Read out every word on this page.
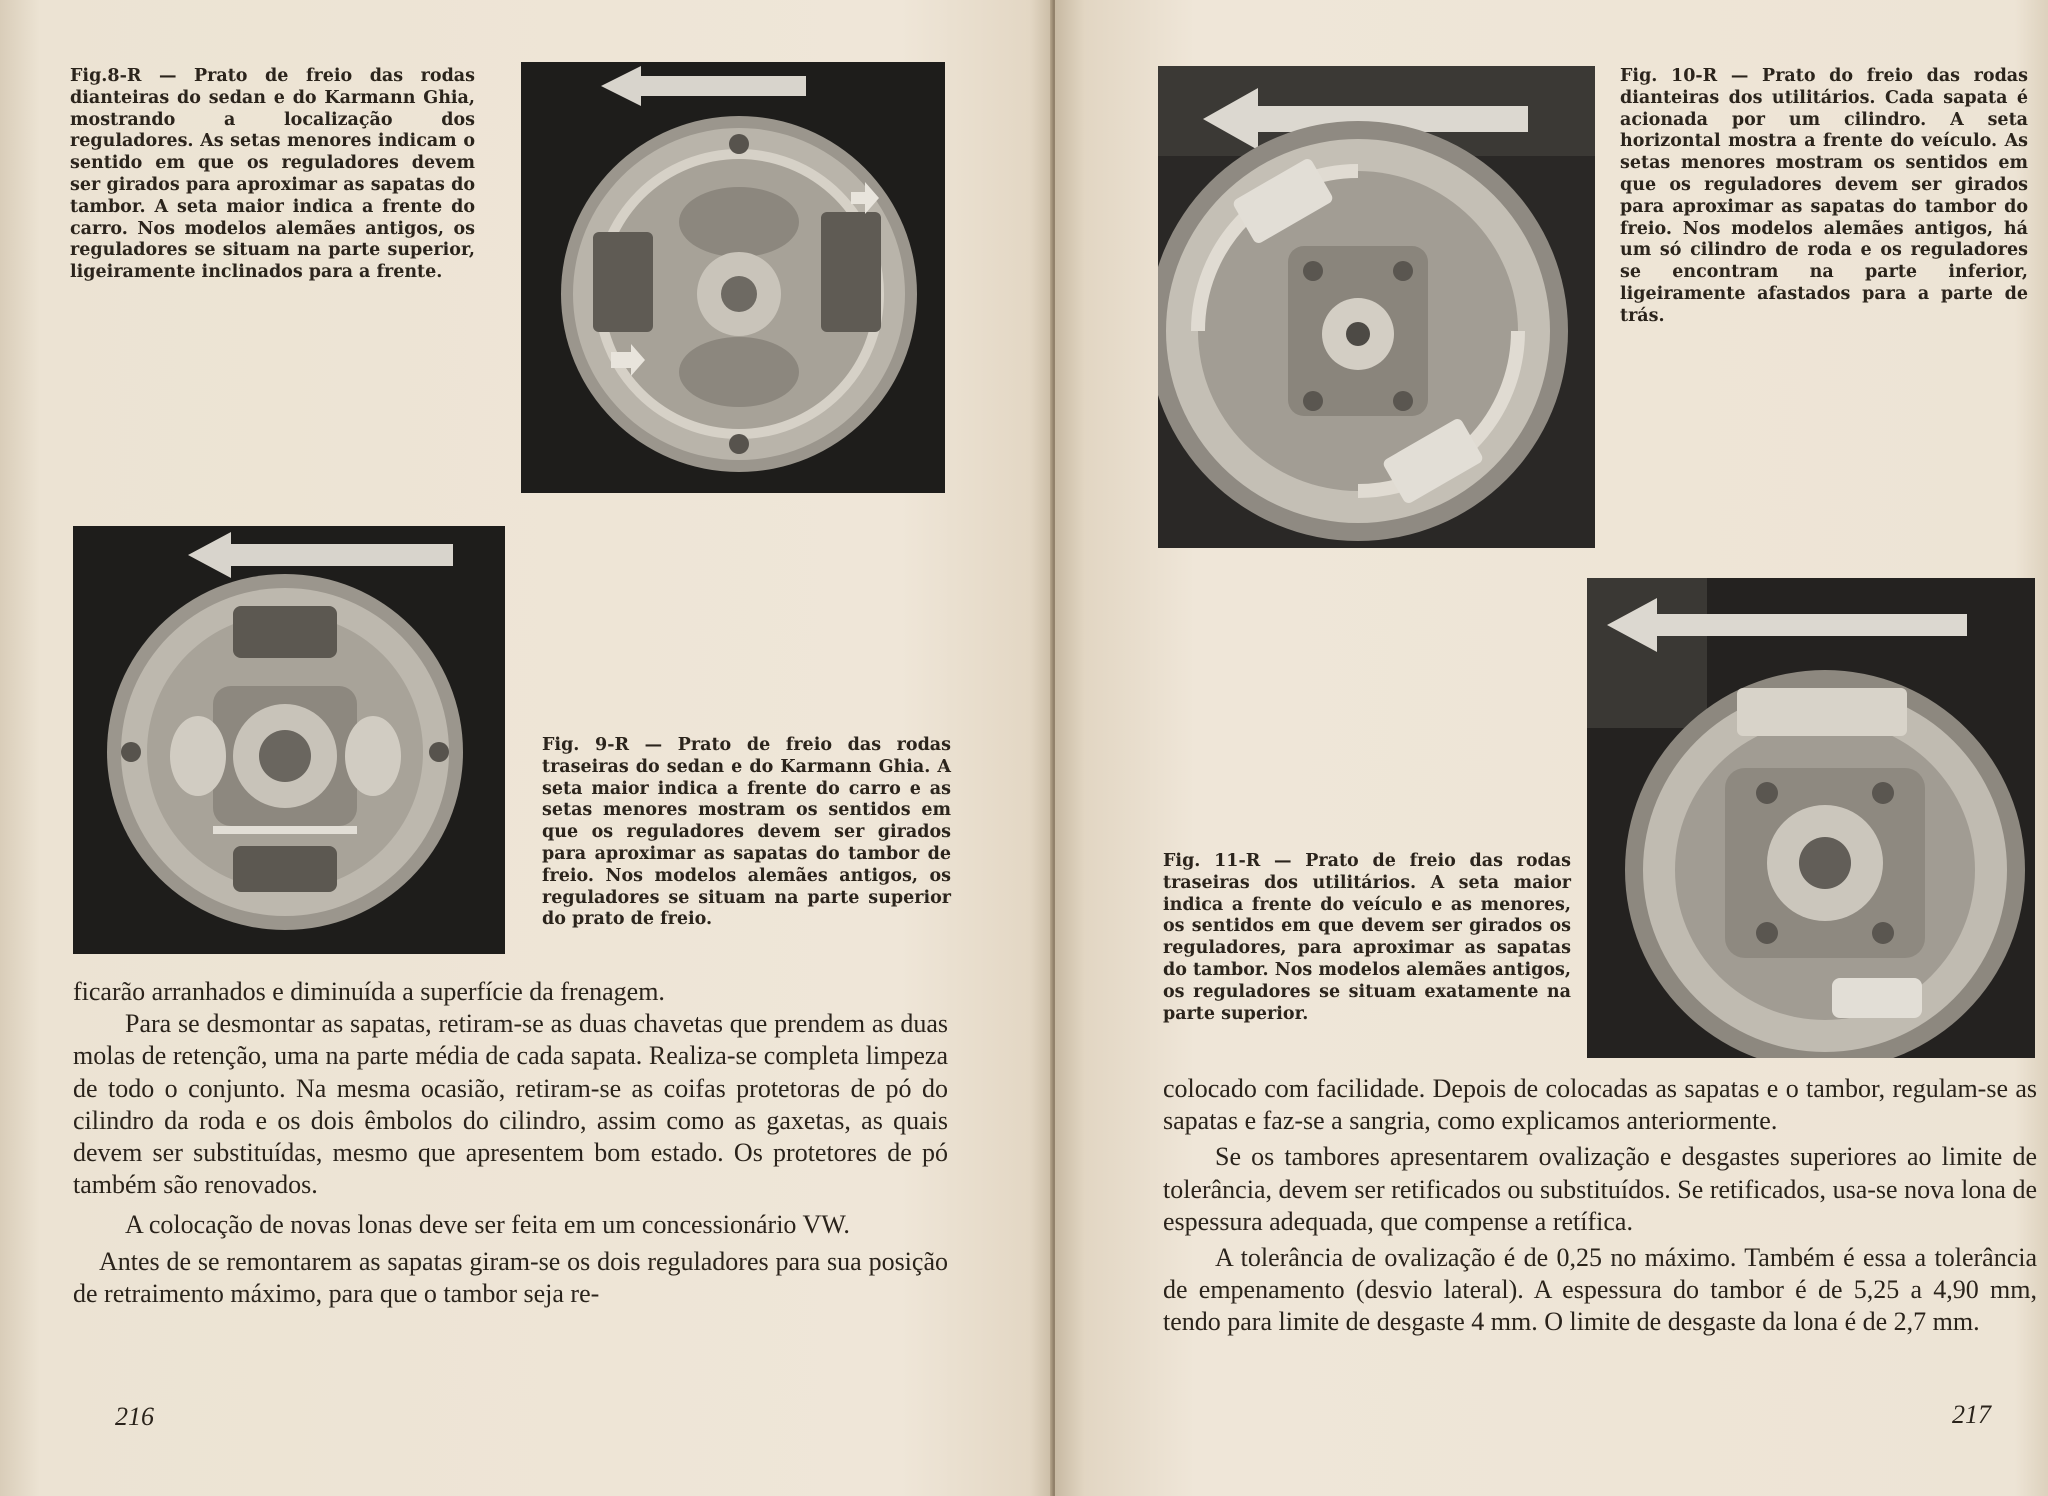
Fig.8-R — Prato de freio das rodas dianteiras do sedan e do Karmann Ghia, mostrando a localização dos reguladores. As setas menores indicam o sentido em que os reguladores devem ser girados para aproximar as sapatas do tambor. A seta maior indica a frente do carro. Nos modelos alemães antigos, os reguladores se situam na parte superior, ligeiramente inclinados para a frente.
Fig. 9-R — Prato de freio das rodas traseiras do sedan e do Karmann Ghia. A seta maior indica a frente do carro e as setas menores mostram os sentidos em que os reguladores devem ser girados para aproximar as sapatas do tambor de freio. Nos modelos alemães antigos, os reguladores se situam na parte superior do prato de freio.

ficarão arranhados e diminuída a superfície da frenagem.

Para se desmontar as sapatas, retiram-se as duas chavetas que prendem as duas molas de retenção, uma na parte média de cada sapata. Realiza-se completa limpeza de todo o conjunto. Na mesma ocasião, retiram-se as coifas protetoras de pó do cilindro da roda e os dois êmbolos do cilindro, assim como as gaxetas, as quais devem ser substituídas, mesmo que apresentem bom estado. Os protetores de pó também são renovados.

A colocação de novas lonas deve ser feita em um concessionário VW.

Antes de se remontarem as sapatas giram-se os dois reguladores para sua posição de retraimento máximo, para que o tambor seja re-

216
Fig. 10-R — Prato do freio das rodas dianteiras dos utilitários. Cada sapata é acionada por um cilindro. A seta horizontal mostra a frente do veículo. As setas menores mostram os sentidos em que os reguladores devem ser girados para aproximar as sapatas do tambor do freio. Nos modelos alemães antigos, há um só cilindro de roda e os reguladores se encontram na parte inferior, ligeiramente afastados para a parte de trás.
Fig. 11-R — Prato de freio das rodas traseiras dos utilitários. A seta maior indica a frente do veículo e as menores, os sentidos em que devem ser girados os reguladores, para aproximar as sapatas do tambor. Nos modelos alemães antigos, os reguladores se situam exatamente na parte superior.

colocado com facilidade. Depois de colocadas as sapatas e o tambor, regulam-se as sapatas e faz-se a sangria, como explicamos anteriormente.

Se os tambores apresentarem ovalização e desgastes superiores ao limite de tolerância, devem ser retificados ou substituídos. Se retificados, usa-se nova lona de espessura adequada, que compense a retífica.

A tolerância de ovalização é de 0,25 no máximo. Também é essa a tolerância de empenamento (desvio lateral). A espessura do tambor é de 5,25 a 4,90 mm, tendo para limite de desgaste 4 mm. O limite de desgaste da lona é de 2,7 mm.

217
